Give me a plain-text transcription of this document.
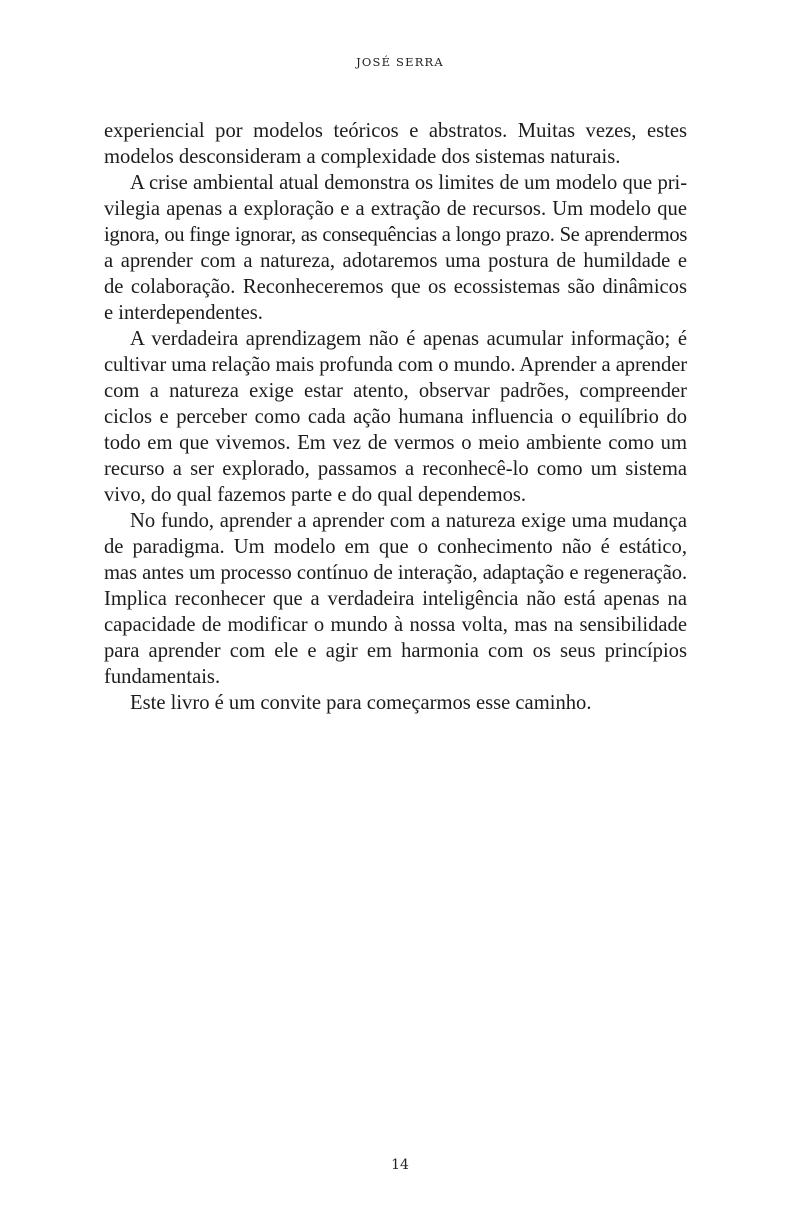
JOSÉ SERRA
experiencial por modelos teóricos e abstratos. Muitas vezes, estes
modelos desconsideram a complexidade dos sistemas naturais.
A crise ambiental atual demonstra os limites de um modelo que pri-
vilegia apenas a exploração e a extração de recursos. Um modelo que
ignora, ou finge ignorar, as consequências a longo prazo. Se aprendermos
a aprender com a natureza, adotaremos uma postura de humildade e
de colaboração. Reconheceremos que os ecossistemas são dinâmicos
e interdependentes.
A verdadeira aprendizagem não é apenas acumular informação; é
cultivar uma relação mais profunda com o mundo. Aprender a aprender
com a natureza exige estar atento, observar padrões, compreender
ciclos e perceber como cada ação humana influencia o equilíbrio do
todo em que vivemos. Em vez de vermos o meio ambiente como um
recurso a ser explorado, passamos a reconhecê-lo como um sistema
vivo, do qual fazemos parte e do qual dependemos.
No fundo, aprender a aprender com a natureza exige uma mudança
de paradigma. Um modelo em que o conhecimento não é estático,
mas antes um processo contínuo de interação, adaptação e regeneração.
Implica reconhecer que a verdadeira inteligência não está apenas na
capacidade de modificar o mundo à nossa volta, mas na sensibilidade
para aprender com ele e agir em harmonia com os seus princípios
fundamentais.
Este livro é um convite para começarmos esse caminho.
14
